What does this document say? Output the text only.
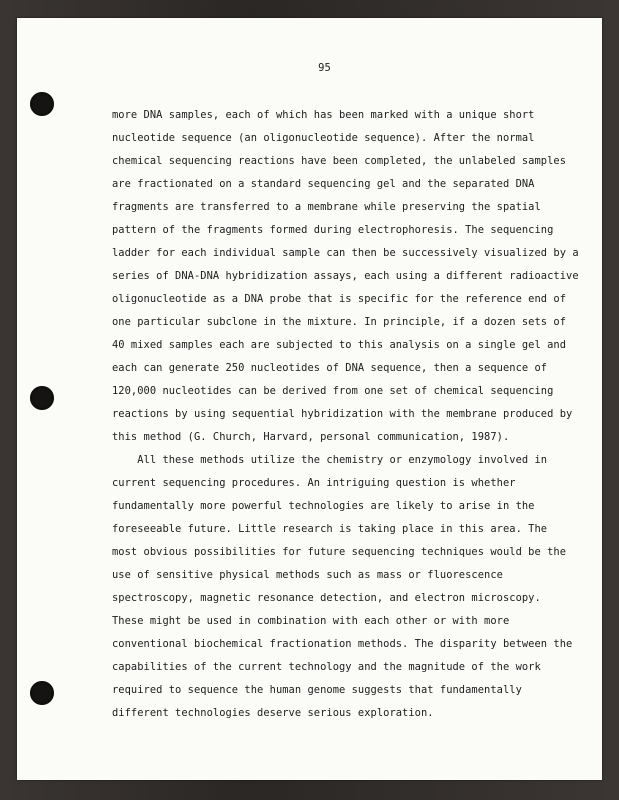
95
more DNA samples, each of which has been marked with a unique short
nucleotide sequence (an oligonucleotide sequence). After the normal
chemical sequencing reactions have been completed, the unlabeled samples
are fractionated on a standard sequencing gel and the separated DNA
fragments are transferred to a membrane while preserving the spatial
pattern of the fragments formed during electrophoresis. The sequencing
ladder for each individual sample can then be successively visualized by a
series of DNA-DNA hybridization assays, each using a different radioactive
oligonucleotide as a DNA probe that is specific for the reference end of
one particular subclone in the mixture. In principle, if a dozen sets of
40 mixed samples each are subjected to this analysis on a single gel and
each can generate 250 nucleotides of DNA sequence, then a sequence of
120,000 nucleotides can be derived from one set of chemical sequencing
reactions by using sequential hybridization with the membrane produced by
this method (G. Church, Harvard, personal communication, 1987).
All these methods utilize the chemistry or enzymology involved in
current sequencing procedures. An intriguing question is whether
fundamentally more powerful technologies are likely to arise in the
foreseeable future. Little research is taking place in this area. The
most obvious possibilities for future sequencing techniques would be the
use of sensitive physical methods such as mass or fluorescence
spectroscopy, magnetic resonance detection, and electron microscopy.
These might be used in combination with each other or with more
conventional biochemical fractionation methods. The disparity between the
capabilities of the current technology and the magnitude of the work
required to sequence the human genome suggests that fundamentally
different technologies deserve serious exploration.
